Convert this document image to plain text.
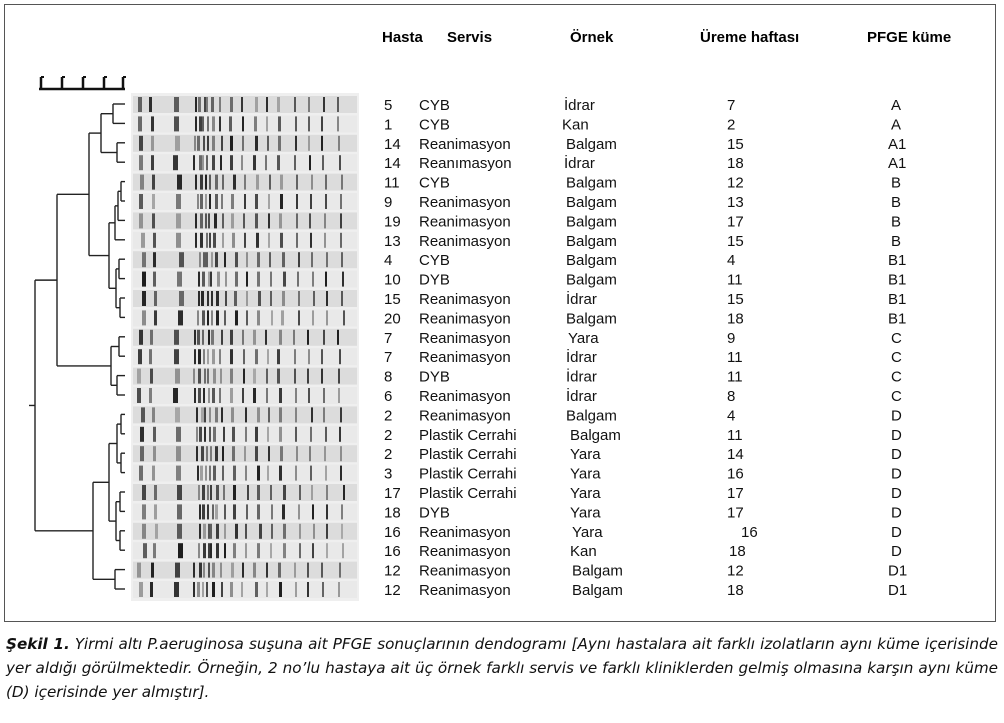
Hasta Servis	Örnek	Üreme haftası	PFGE küme
5 CYB	İdrar	7	A
1 CYB	Kan	2	A
14 Reanimasyon	Balgam	15	A1
14 Reanımasyon	İdrar	18	A1
11 CYB	Balgam	12	B
9 Reanimasyon	Balgam	13	B
19 Reanimasyon	Balgam	17	B
13 Reanimasyon	Balgam	15	B
4 CYB	Balgam	4	B1
10 DYB	Balgam	11	B1
15 Reanimasyon	İdrar	15	B1
20 Reanimasyon	Balgam	18	B1
7 Reanimasyon	Yara	9	C
7 Reanimasyon	İdrar	11	C
8 DYB	İdrar	11	C
6 Reanimasyon	İdrar	8	C
2 Reanimasyon	Balgam	4	D
2 Plastik Cerrahi	Balgam	11	D
2 Plastik Cerrahi	Yara	14	D
3 Plastik Cerrahi	Yara	16	D
17 Plastik Cerrahi	Yara	17	D
18 DYB	Yara	17	D
16 Reanimasyon	Yara	16	D
16 Reanimasyon	Kan	18	D
12 Reanimasyon	Balgam	12	D1
12 Reanimasyon	Balgam	18	D1
Şekil 1. Yirmi altı P.aeruginosa suşuna ait PFGE sonuçlarının dendogramı [Aynı hastalara ait farklı izolatların aynı küme içerisinde yer aldığı görülmektedir. Örneğin, 2 no’lu hastaya ait üç örnek farklı servis ve farklı kliniklerden gelmiş olmasına karşın aynı küme (D) içerisinde yer almıştır].
